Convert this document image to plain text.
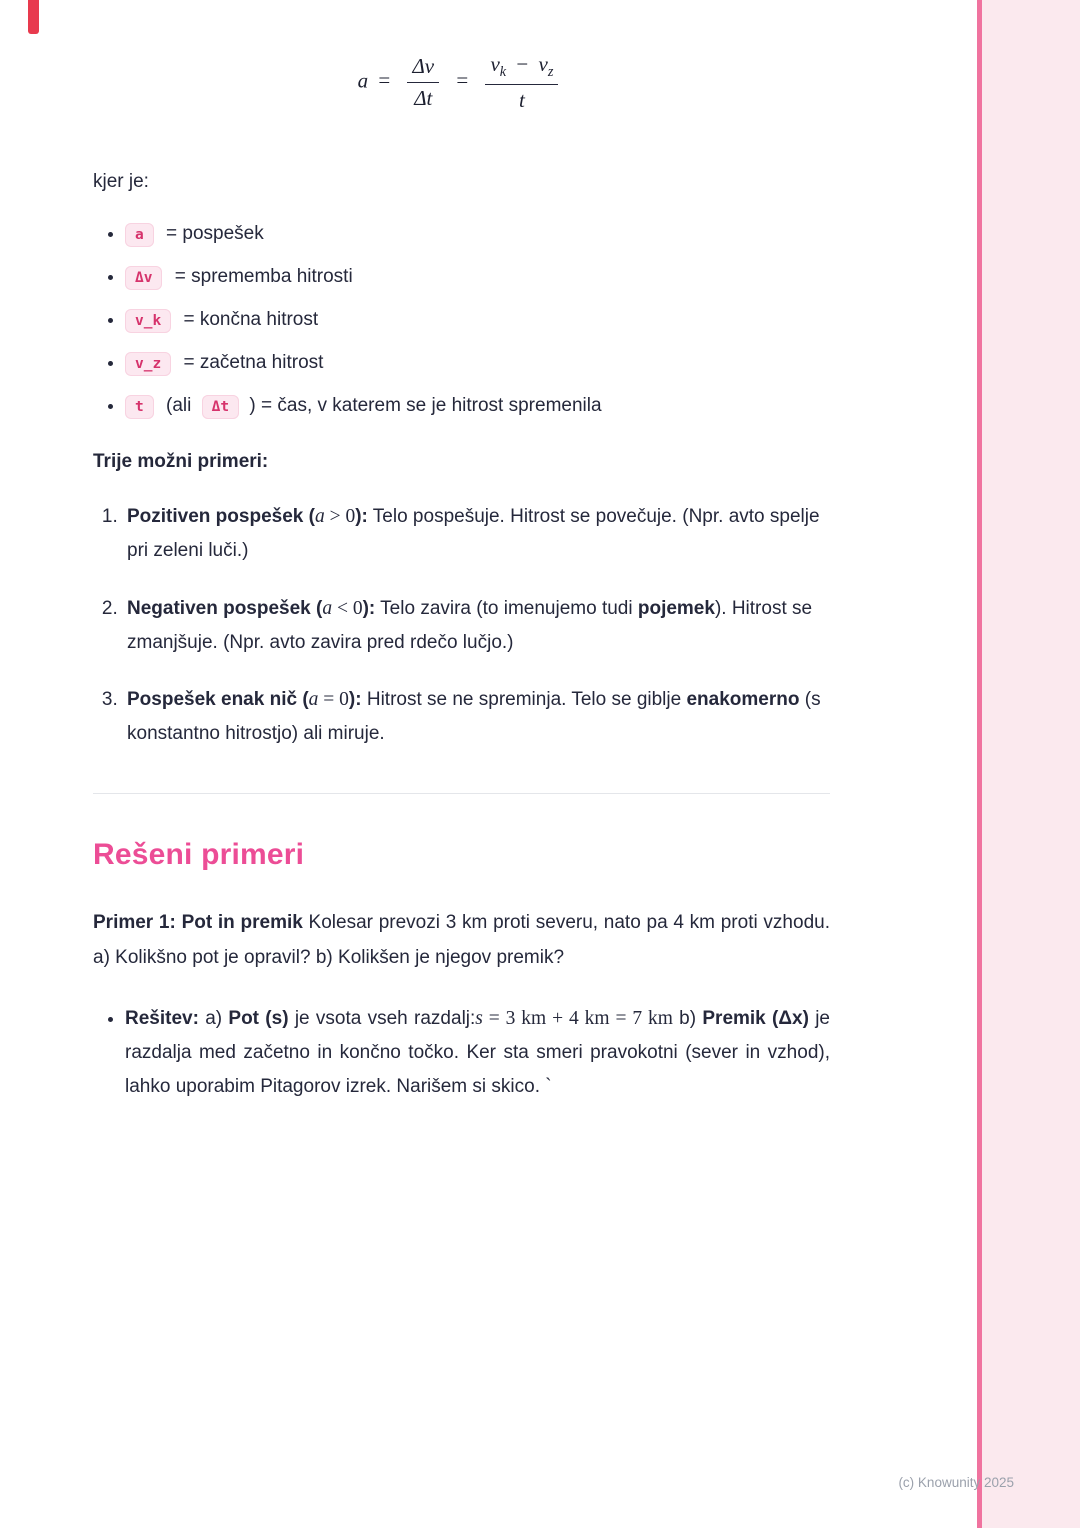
$a = \frac{\Delta v}{\Delta t} = \frac{v_k - v_z}{t}$

kjer je:

• a = pospešek
• Δv = sprememba hitrosti
• v_k = končna hitrost
• v_z = začetna hitrost
• t (ali Δt ) = čas, v katerem se je hitrost spremenila

Trije možni primeri:

1. Pozitiven pospešek (a > 0): Telo pospešuje. Hitrost se povečuje. (Npr. avto spelje pri zeleni luči.)
2. Negativen pospešek (a < 0): Telo zavira (to imenujemo tudi pojemek). Hitrost se zmanjšuje. (Npr. avto zavira pred rdečo lučjo.)
3. Pospešek enak nič (a = 0): Hitrost se ne spreminja. Telo se giblje enakomerno (s konstantno hitrostjo) ali miruje.
Rešeni primeri

Primer 1: Pot in premik Kolesar prevozi 3 km proti severu, nato pa 4 km proti vzhodu. a) Kolikšno pot je opravil? b) Kolikšen je njegov premik?

• Rešitev: a) Pot (s) je vsota vseh razdalj:s = 3 km + 4 km = 7 km b) Premik (Δx) je razdalja med začetno in končno točko. Ker sta smeri pravokotni (sever in vzhod), lahko uporabim Pitagorov izrek. Narišem si skico. `
(c) Knowunity 2025
